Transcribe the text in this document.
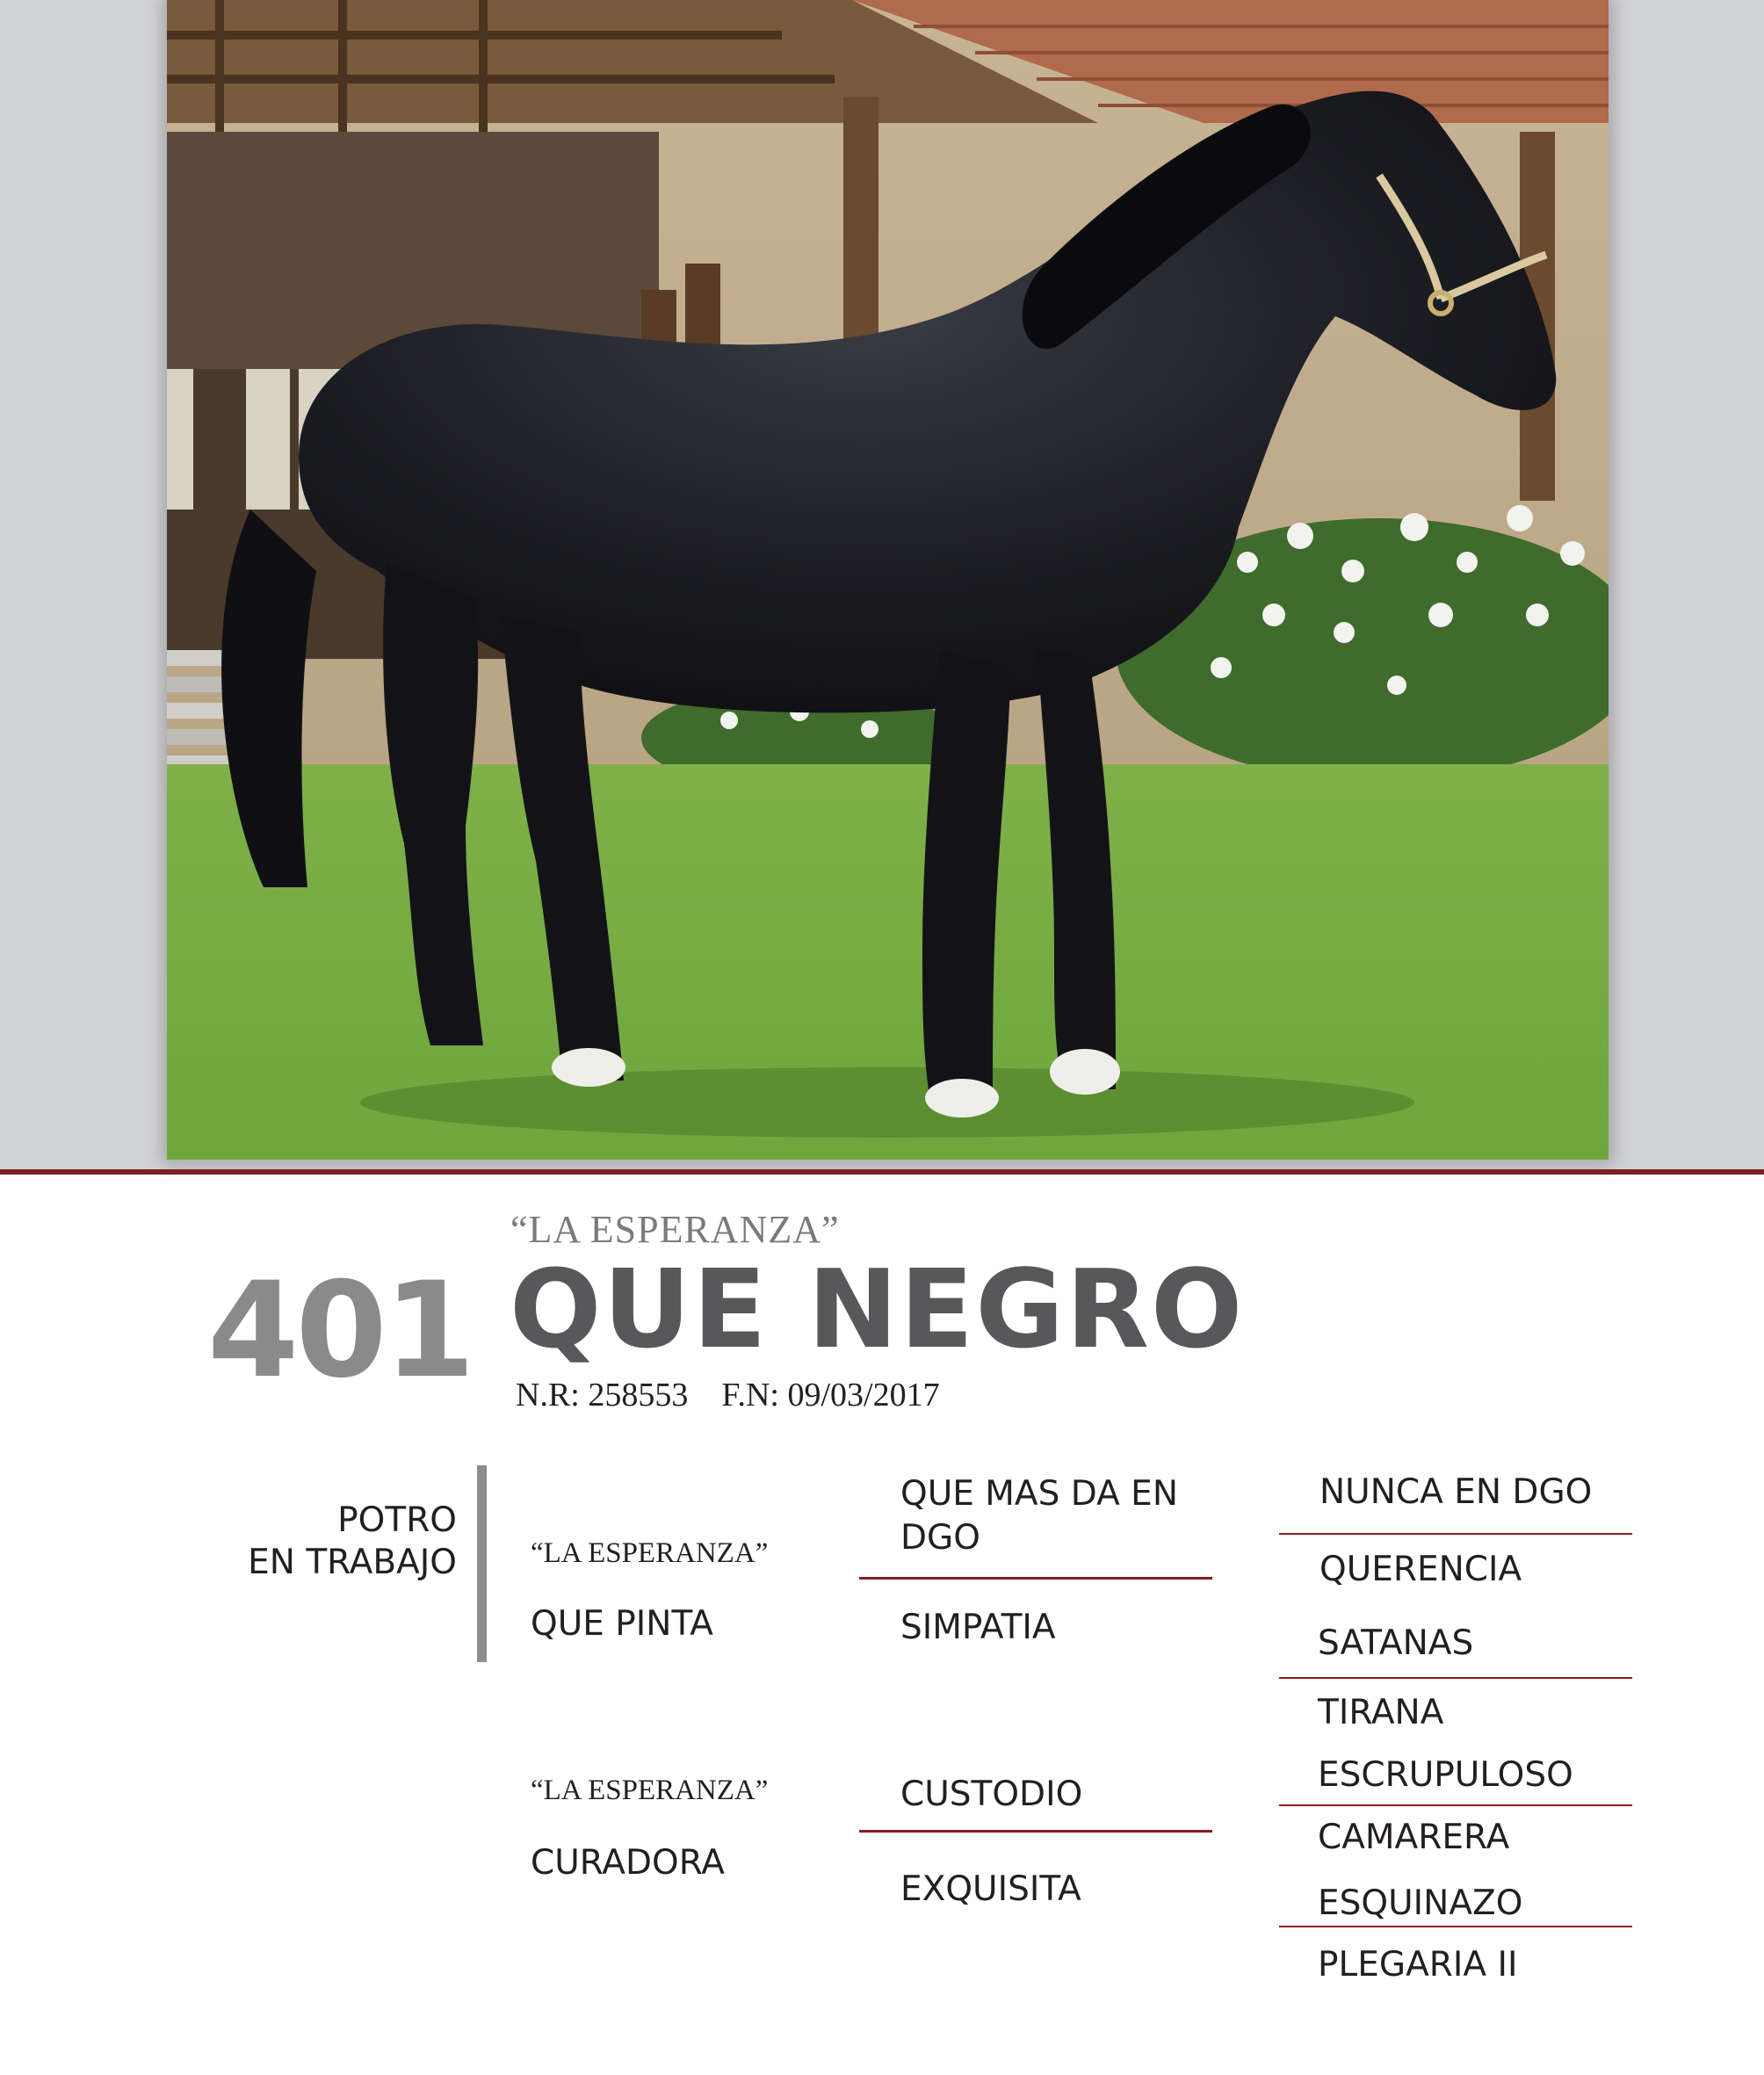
“LA ESPERANZA”
401 QUE NEGRO
N.R: 258553 F.N: 09/03/2017
POTRO
EN TRABAJO	“LA ESPERANZA”
QUE PINTA
“LA ESPERANZA”
CURADORA
QUE MAS DA EN
DGO
SIMPATIA
CUSTODIO
EXQUISITA
NUNCA EN DGO
QUERENCIA
SATANAS
TIRANA
ESCRUPULOSO
CAMARERA
ESQUINAZO
PLEGARIA II
